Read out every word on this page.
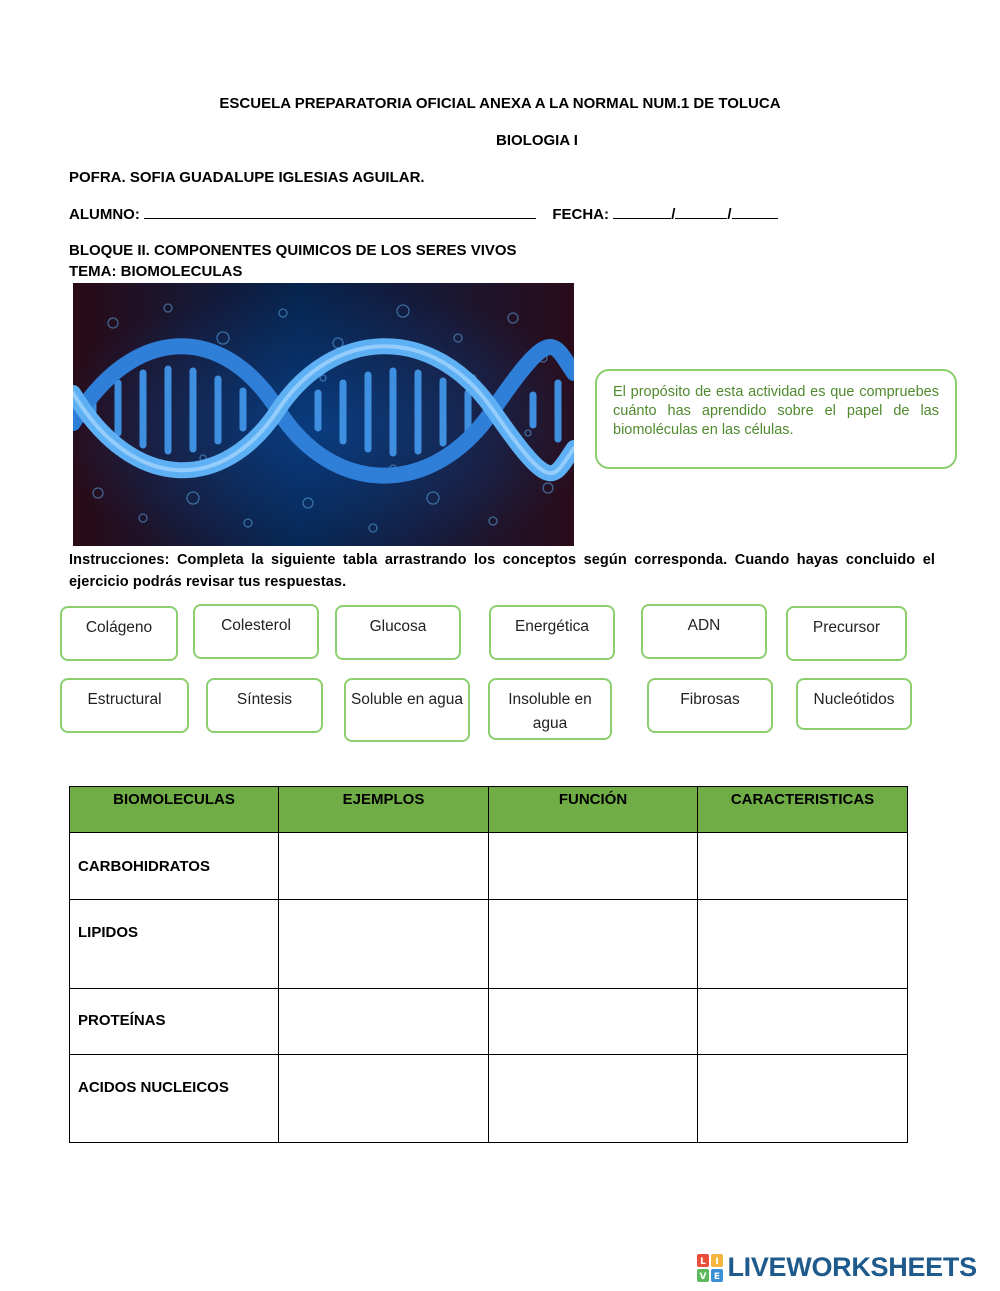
ESCUELA PREPARATORIA OFICIAL ANEXA A LA NORMAL NUM.1 DE TOLUCA
BIOLOGIA I
POFRA. SOFIA GUADALUPE IGLESIAS AGUILAR.
ALUMNO:	FECHA:	/	/
BLOQUE II. COMPONENTES QUIMICOS DE LOS SERES VIVOS
TEMA: BIOMOLECULAS
El propósito de esta actividad es que compruebes cuánto has aprendido sobre el papel de las biomoléculas en las células.
Instrucciones: Completa la siguiente tabla arrastrando los conceptos según corresponda. Cuando hayas concluido el ejercicio podrás revisar tus respuestas.
Colágeno	Colesterol	Glucosa	Energética	ADN	Precursor
Estructural	Síntesis	Soluble en agua	Insoluble en agua
Fibrosas	Nucleótidos
BIOMOLECULAS	EJEMPLOS	FUNCIÓN	CARACTERISTICAS
CARBOHIDRATOS			
LIPIDOS			
PROTEÍNAS			
ACIDOS NUCLEICOS			
L I
V E LIVEWORKSHEETS
